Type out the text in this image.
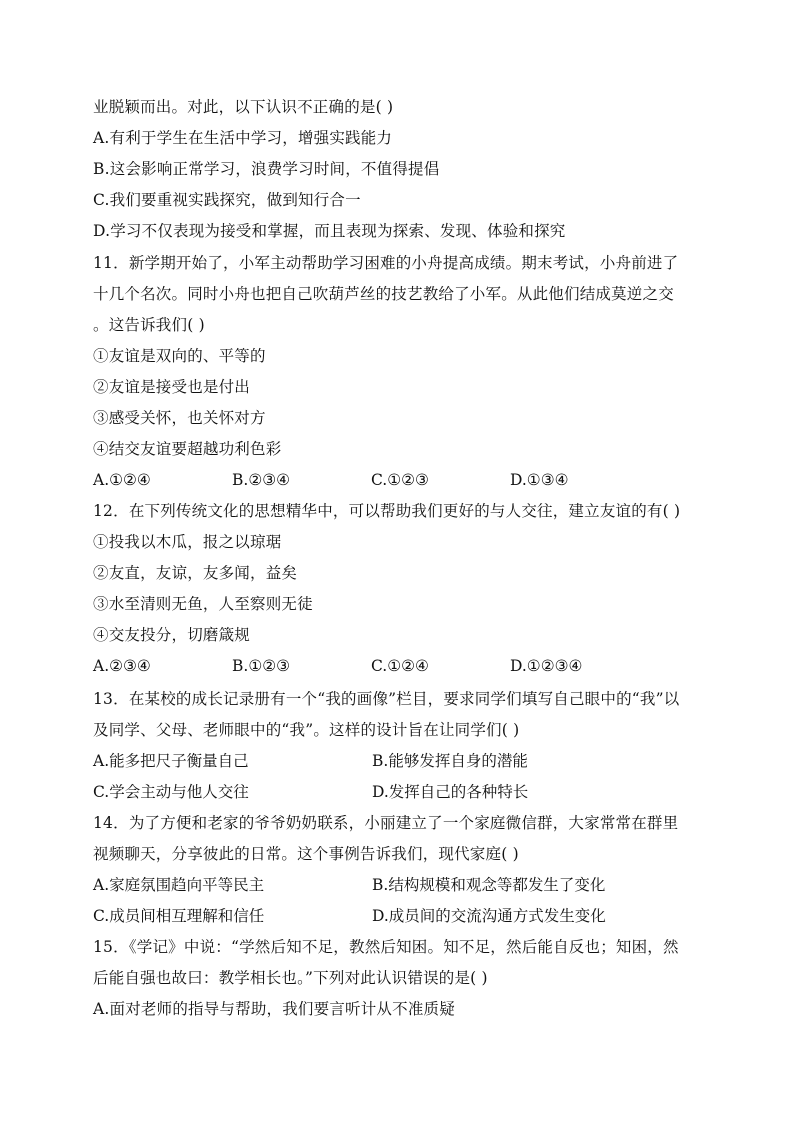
业脱颖而出。对此，以下认识不正确的是( )

A.有利于学生在生活中学习，增强实践能力

B.这会影响正常学习，浪费学习时间，不值得提倡

C.我们要重视实践探究，做到知行合一

D.学习不仅表现为接受和掌握，而且表现为探索、发现、体验和探究

11．新学期开始了，小军主动帮助学习困难的小舟提高成绩。期末考试，小舟前进了

十几个名次。同时小舟也把自己吹葫芦丝的技艺教给了小军。从此他们结成莫逆之交

。这告诉我们( )

①友谊是双向的、平等的

②友谊是接受也是付出

③感受关怀，也关怀对方

④结交友谊要超越功利色彩

A.①②④	B.②③④	C.①②③	D.①③④

12．在下列传统文化的思想精华中，可以帮助我们更好的与人交往，建立友谊的有( )

①投我以木瓜，报之以琼琚

②友直，友谅，友多闻，益矣

③水至清则无鱼，人至察则无徒

④交友投分，切磨箴规

A.②③④	B.①②③	C.①②④	D.①②③④

13．在某校的成长记录册有一个“我的画像”栏目，要求同学们填写自己眼中的“我”以

及同学、父母、老师眼中的“我”。这样的设计旨在让同学们( )

A.能多把尺子衡量自己	B.能够发挥自身的潜能

C.学会主动与他人交往	D.发挥自己的各种特长

14．为了方便和老家的爷爷奶奶联系，小丽建立了一个家庭微信群，大家常常在群里

视频聊天，分享彼此的日常。这个事例告诉我们，现代家庭( )

A.家庭氛围趋向平等民主	B.结构规模和观念等都发生了变化

C.成员间相互理解和信任	D.成员间的交流沟通方式发生变化

15．《学记》中说：“学然后知不足，教然后知困。知不足，然后能自反也；知困，然

后能自强也故曰：教学相长也。”下列对此认识错误的是( )

A.面对老师的指导与帮助，我们要言听计从不准质疑
